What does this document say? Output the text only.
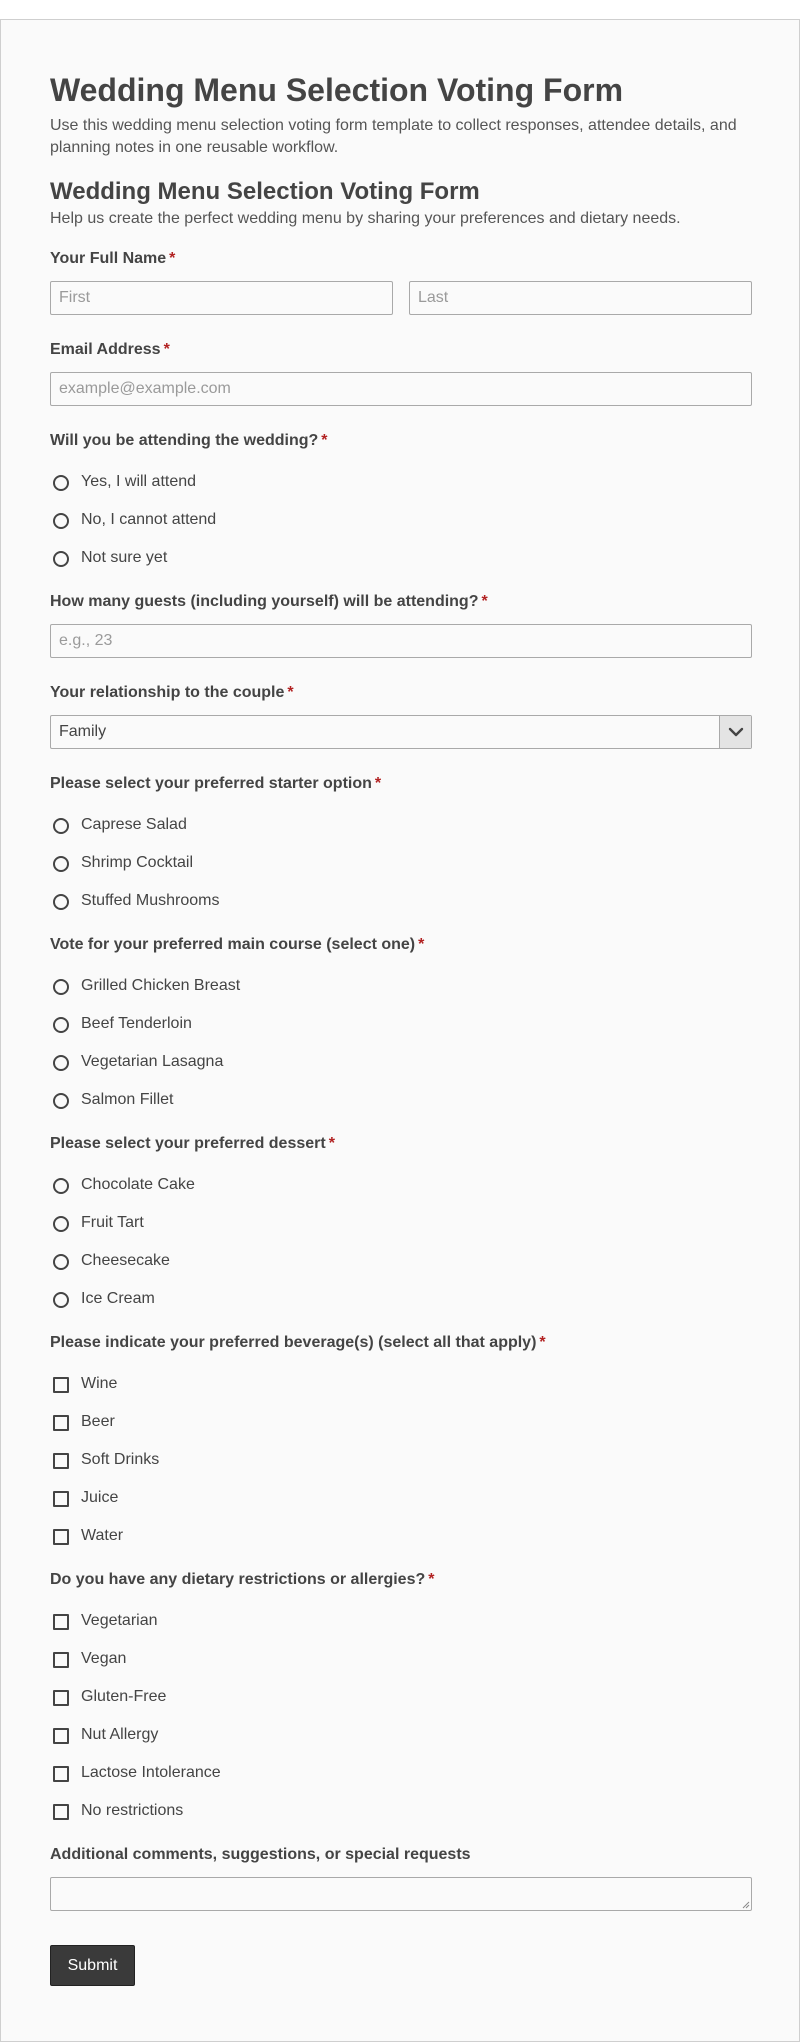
Wedding Menu Selection Voting Form
Use this wedding menu selection voting form template to collect responses, attendee details, and planning notes in one reusable workflow.
Wedding Menu Selection Voting Form
Help us create the perfect wedding menu by sharing your preferences and dietary needs.
Your Full Name *
First	Last
Email Address *
example@example.com
Will you be attending the wedding? *
Yes, I will attend
No, I cannot attend
Not sure yet
How many guests (including yourself) will be attending? *
e.g., 23
Your relationship to the couple *
Family
Please select your preferred starter option *
Caprese Salad
Shrimp Cocktail
Stuffed Mushrooms
Vote for your preferred main course (select one) *
Grilled Chicken Breast
Beef Tenderloin
Vegetarian Lasagna
Salmon Fillet
Please select your preferred dessert *
Chocolate Cake
Fruit Tart
Cheesecake
Ice Cream
Please indicate your preferred beverage(s) (select all that apply) *
Wine
Beer
Soft Drinks
Juice
Water
Do you have any dietary restrictions or allergies? *
Vegetarian
Vegan
Gluten-Free
Nut Allergy
Lactose Intolerance
No restrictions
Additional comments, suggestions, or special requests
Submit
